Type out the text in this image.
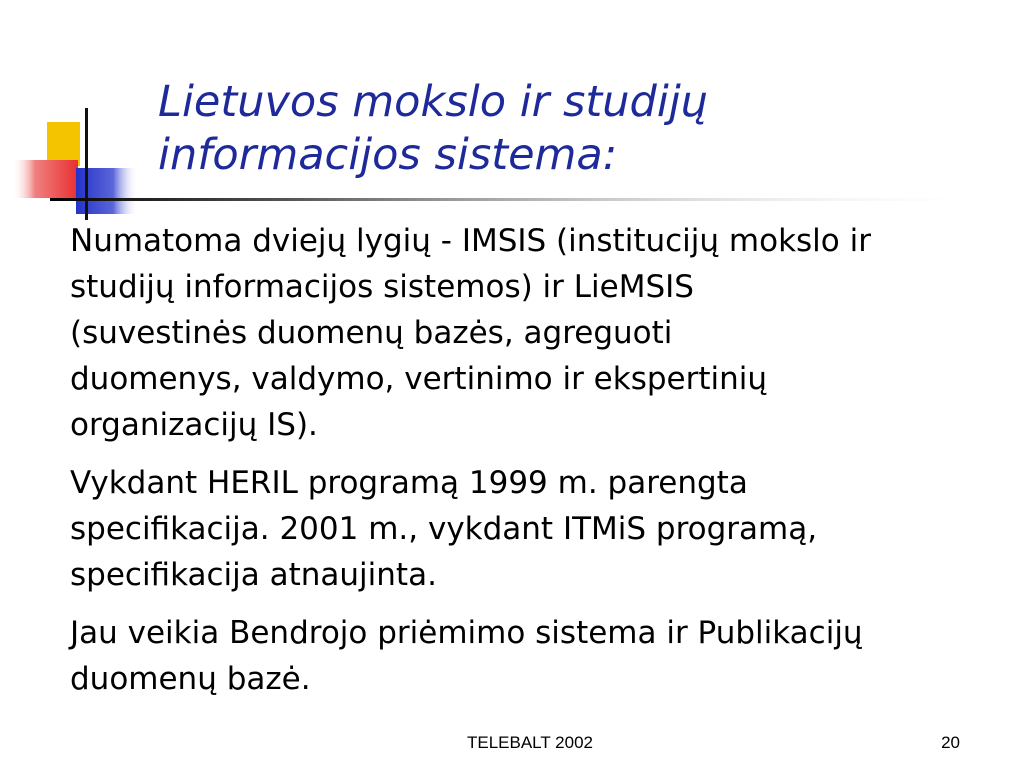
Lietuvos mokslo ir studijų
informacijos sistema:
Numatoma dviejų lygių - IMSIS (institucijų mokslo ir
studijų informacijos sistemos) ir LieMSIS
(suvestinės duomenų bazės, agreguoti
duomenys, valdymo, vertinimo ir ekspertinių
organizacijų IS).
Vykdant HERIL programą 1999 m. parengta
specifikacija. 2001 m., vykdant ITMiS programą,
specifikacija atnaujinta.
Jau veikia Bendrojo priėmimo sistema ir Publikacijų
duomenų bazė.
TELEBALT 2002	20
